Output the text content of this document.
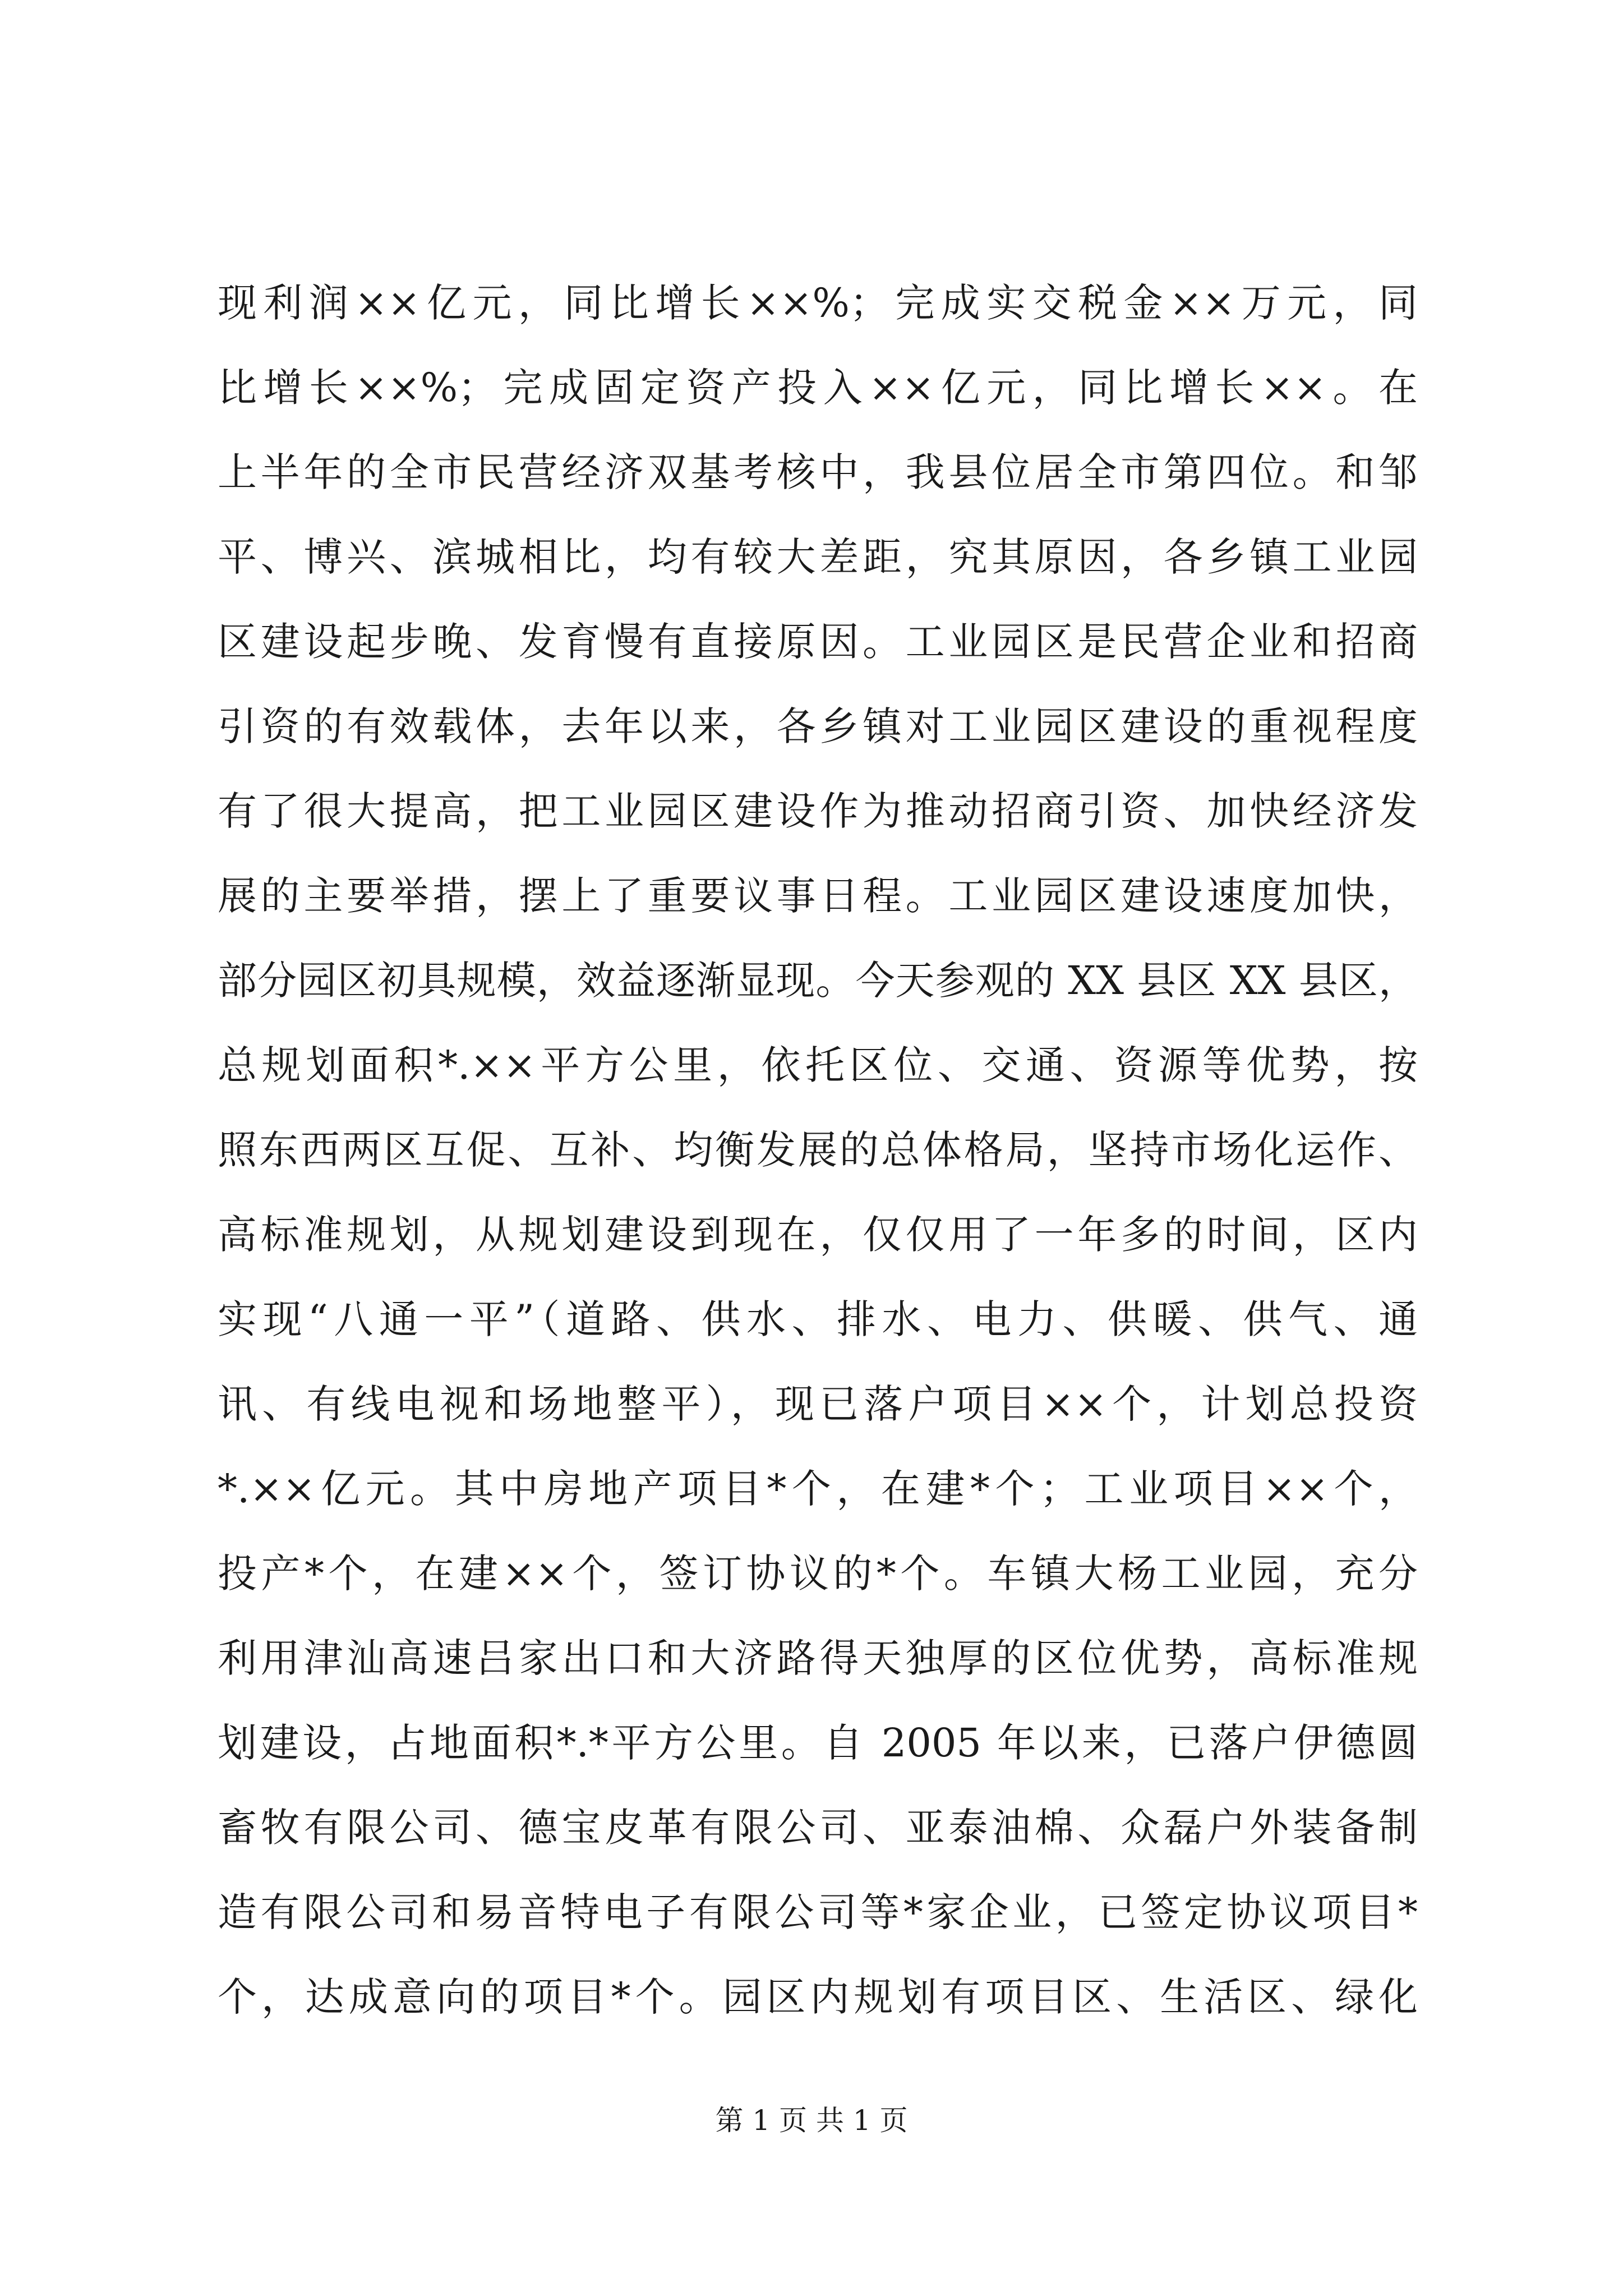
现利润××亿元，同比增长××%；完成实交税金××万元，同
比增长××%；完成固定资产投入××亿元，同比增长××。在
上半年的全市民营经济双基考核中，我县位居全市第四位。和邹
平、博兴、滨城相比，均有较大差距，究其原因，各乡镇工业园
区建设起步晚、发育慢有直接原因。工业园区是民营企业和招商
引资的有效载体，去年以来，各乡镇对工业园区建设的重视程度
有了很大提高，把工业园区建设作为推动招商引资、加快经济发
展的主要举措，摆上了重要议事日程。工业园区建设速度加快，
部分园区初具规模，效益逐渐显现。今天参观的 XX 县区 XX 县区，
总规划面积*.××平方公里，依托区位、交通、资源等优势，按
照东西两区互促、互补、均衡发展的总体格局，坚持市场化运作、
高标准规划，从规划建设到现在，仅仅用了一年多的时间，区内
实现“八通一平”（道路、供水、排水、电力、供暖、供气、通
讯、有线电视和场地整平），现已落户项目××个，计划总投资
*.××亿元。其中房地产项目*个，在建*个；工业项目××个，
投产*个，在建××个，签订协议的*个。车镇大杨工业园，充分
利用津汕高速吕家出口和大济路得天独厚的区位优势，高标准规
划建设，占地面积*.*平方公里。自 2005 年以来，已落户伊德圆
畜牧有限公司、德宝皮革有限公司、亚泰油棉、众磊户外装备制
造有限公司和易音特电子有限公司等*家企业，已签定协议项目*
个，达成意向的项目*个。园区内规划有项目区、生活区、绿化
第 1 页 共 1 页
